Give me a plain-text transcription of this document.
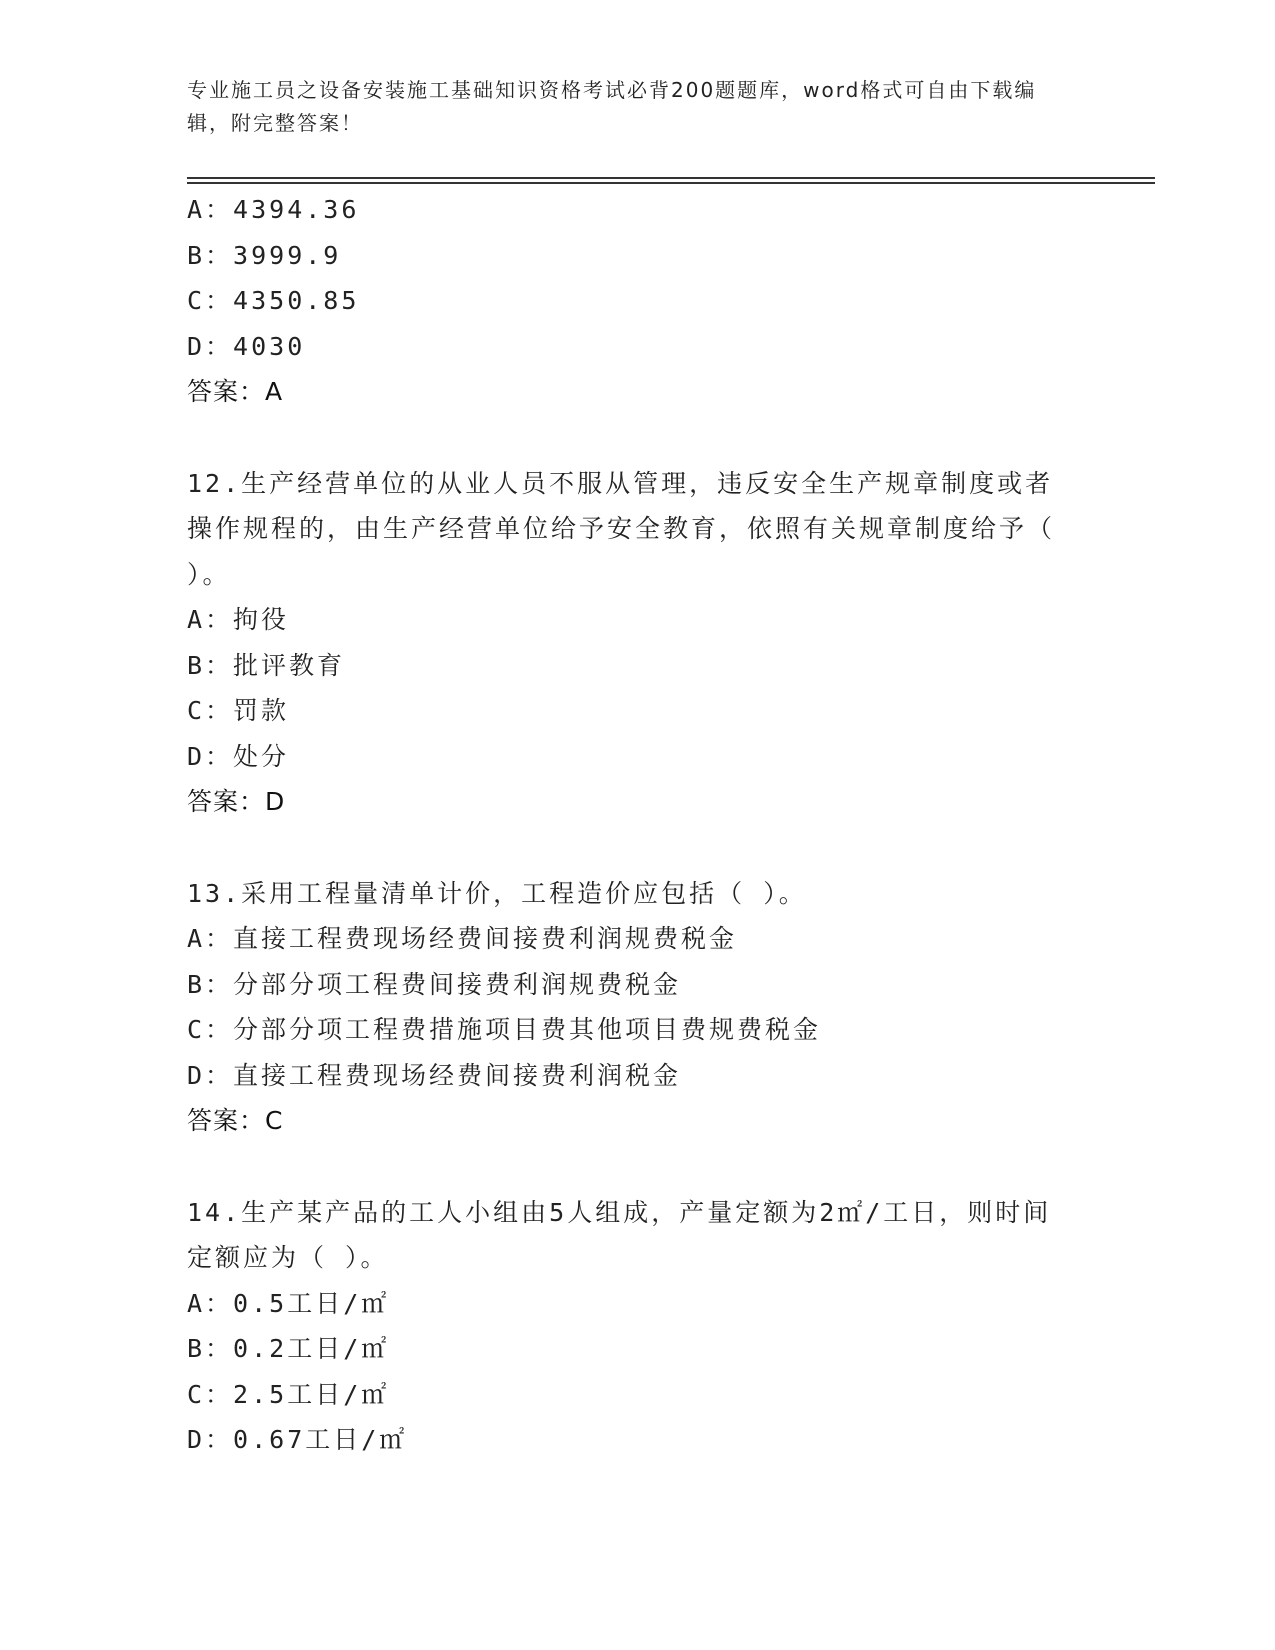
专业施工员之设备安装施工基础知识资格考试必背200题题库，word格式可自由下载编辑，附完整答案！
A：4394.36
B：3999.9
C：4350.85
D：4030
答案：A
12.生产经营单位的从业人员不服从管理，违反安全生产规章制度或者操作规程的，由生产经营单位给予安全教育，依照有关规章制度给予（ ）。
A：拘役
B：批评教育
C：罚款
D：处分
答案：D
13.采用工程量清单计价，工程造价应包括（ ）。
A：直接工程费现场经费间接费利润规费税金
B：分部分项工程费间接费利润规费税金
C：分部分项工程费措施项目费其他项目费规费税金
D：直接工程费现场经费间接费利润税金
答案：C
14.生产某产品的工人小组由5人组成，产量定额为2㎡/工日，则时间定额应为（ ）。
A：0.5工日/㎡
B：0.2工日/㎡
C：2.5工日/㎡
D：0.67工日/㎡
